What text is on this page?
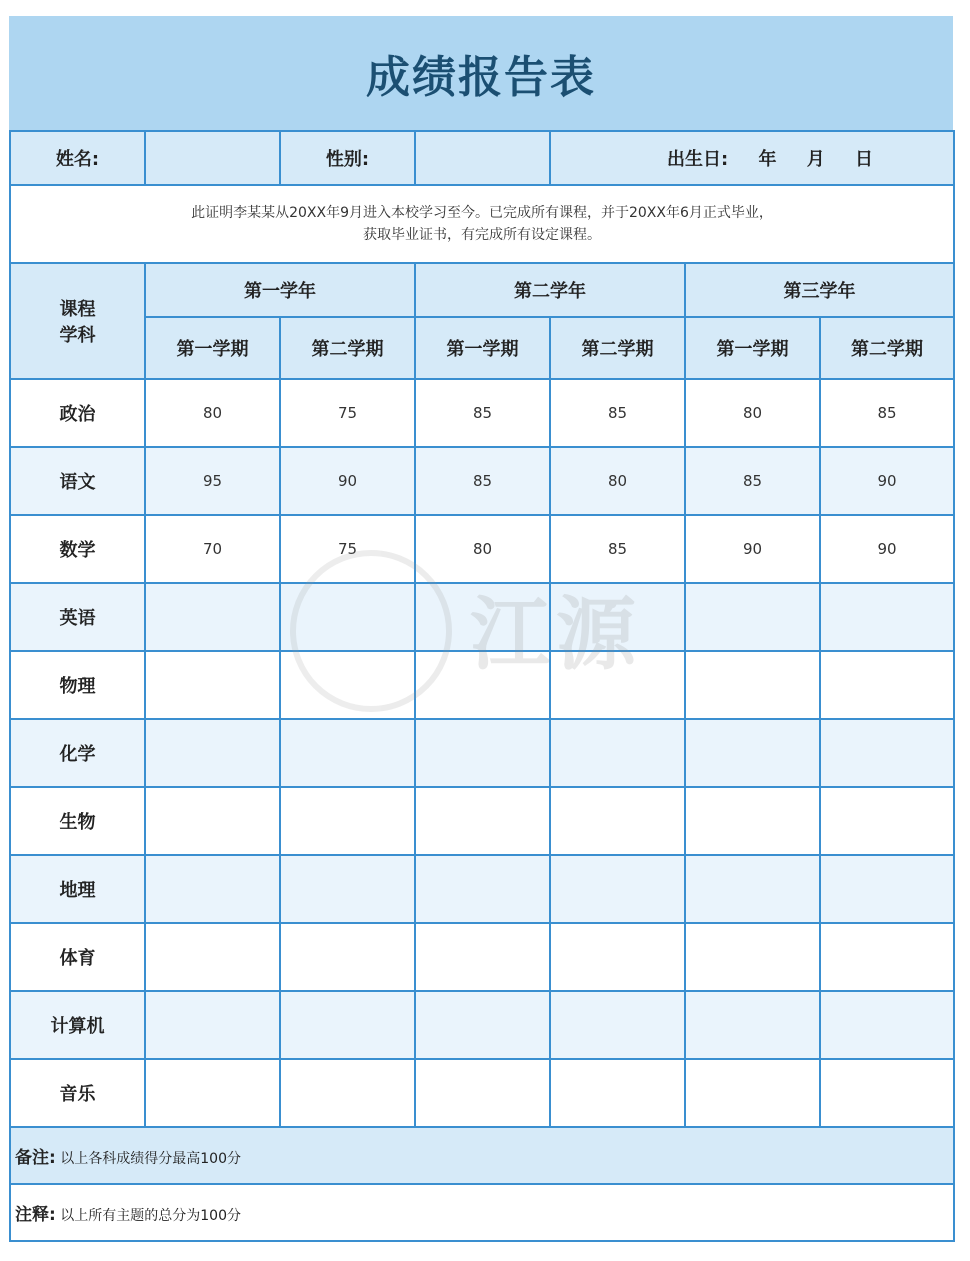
成绩报告表
姓名:		性别:		出生日: 年 月 日		

此证明李某某从20XX年9月进入本校学习至今。已完成所有课程，并于20XX年6月正式毕业，
获取毕业证书，有完成所有设定课程。						

课程
学科	第一学年		第二学年		第三学年	
	第一学期	第二学期	第一学期	第二学期	第一学期	第二学期
政治	80	75	85	85	80	85
语文	95	90	85	80	85	90
数学	70	75	80	85	90	90
英语						
物理						
化学						
生物						
地理						
体育						
计算机						
音乐						
备注: 以上各科成绩得分最高100分						
注释: 以上所有主题的总分为100分						
江源
